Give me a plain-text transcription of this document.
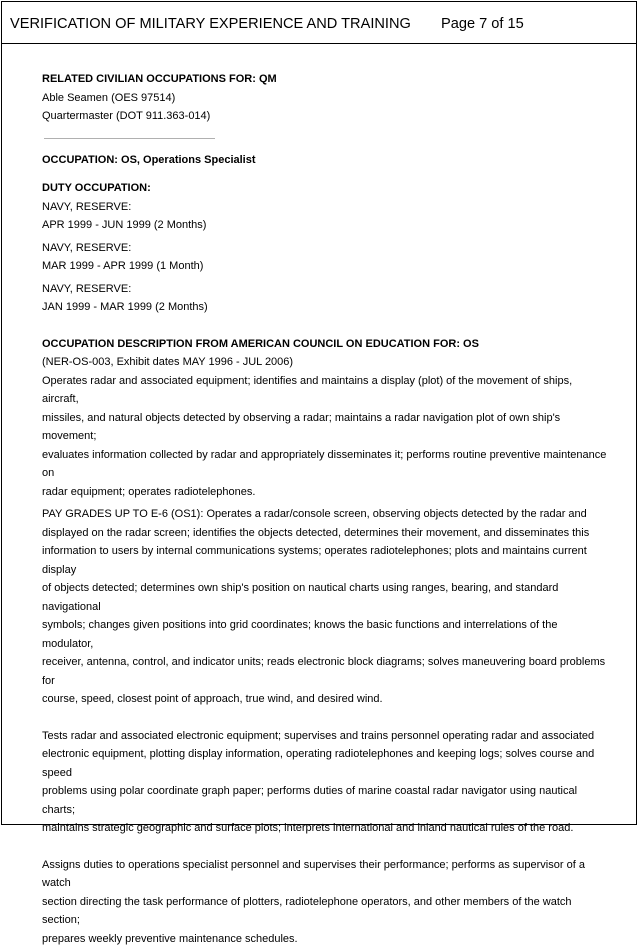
VERIFICATION OF MILITARY EXPERIENCE AND TRAINING Page 7 of 15

RELATED CIVILIAN OCCUPATIONS FOR: QM

Able Seamen (OES 97514)

Quartermaster (DOT 911.363-014)

OCCUPATION: OS, Operations Specialist

DUTY OCCUPATION:

NAVY, RESERVE:

APR 1999 - JUN 1999 (2 Months)

NAVY, RESERVE:

MAR 1999 - APR 1999 (1 Month)

NAVY, RESERVE:

JAN 1999 - MAR 1999 (2 Months)

OCCUPATION DESCRIPTION FROM AMERICAN COUNCIL ON EDUCATION FOR: OS

(NER-OS-003, Exhibit dates MAY 1996 - JUL 2006)

Operates radar and associated equipment; identifies and maintains a display (plot) of the movement of ships, aircraft,

missiles, and natural objects detected by observing a radar; maintains a radar navigation plot of own ship's movement;

evaluates information collected by radar and appropriately disseminates it; performs routine preventive maintenance on

radar equipment; operates radiotelephones.

PAY GRADES UP TO E-6 (OS1): Operates a radar/console screen, observing objects detected by the radar and

displayed on the radar screen; identifies the objects detected, determines their movement, and disseminates this

information to users by internal communications systems; operates radiotelephones; plots and maintains current display

of objects detected; determines own ship's position on nautical charts using ranges, bearing, and standard navigational

symbols; changes given positions into grid coordinates; knows the basic functions and interrelations of the modulator,

receiver, antenna, control, and indicator units; reads electronic block diagrams; solves maneuvering board problems for

course, speed, closest point of approach, true wind, and desired wind.

Tests radar and associated electronic equipment; supervises and trains personnel operating radar and associated

electronic equipment, plotting display information, operating radiotelephones and keeping logs; solves course and speed

problems using polar coordinate graph paper; performs duties of marine coastal radar navigator using nautical charts;

maintains strategic geographic and surface plots; interprets international and inland nautical rules of the road.

Assigns duties to operations specialist personnel and supervises their performance; performs as supervisor of a watch

section directing the task performance of plotters, radiotelephone operators, and other members of the watch section;

prepares weekly preventive maintenance schedules.
